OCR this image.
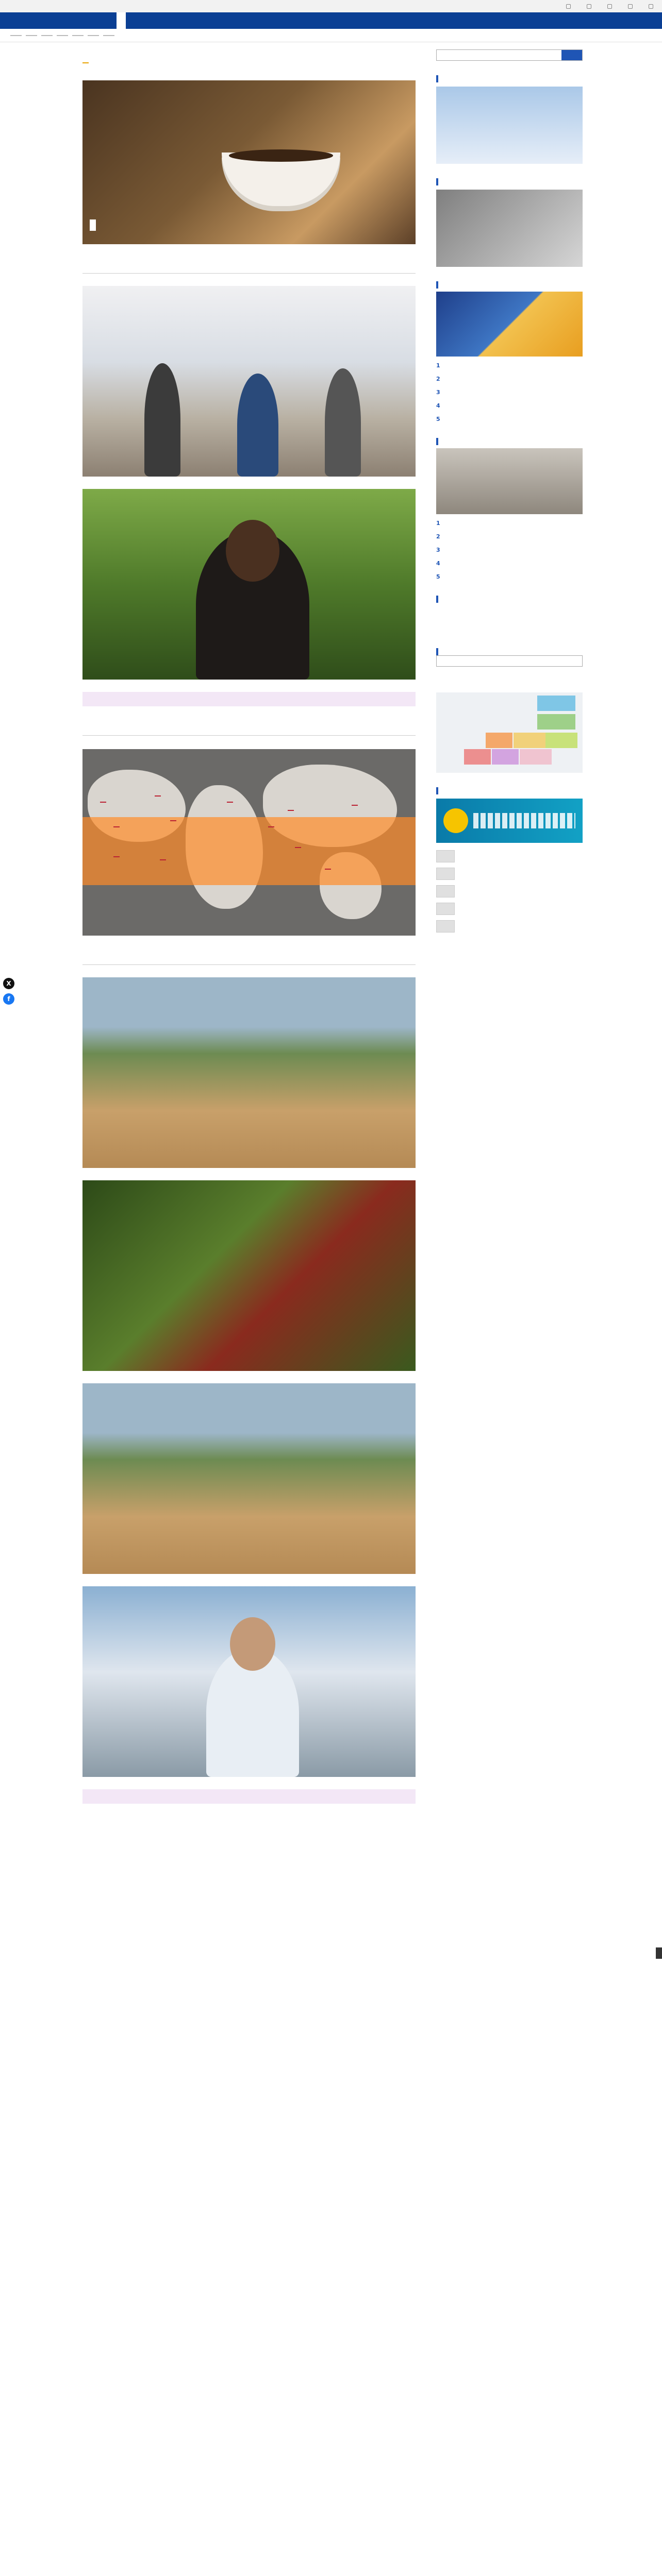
X
f

1
2
3
4
5
1
2
3
4
5
